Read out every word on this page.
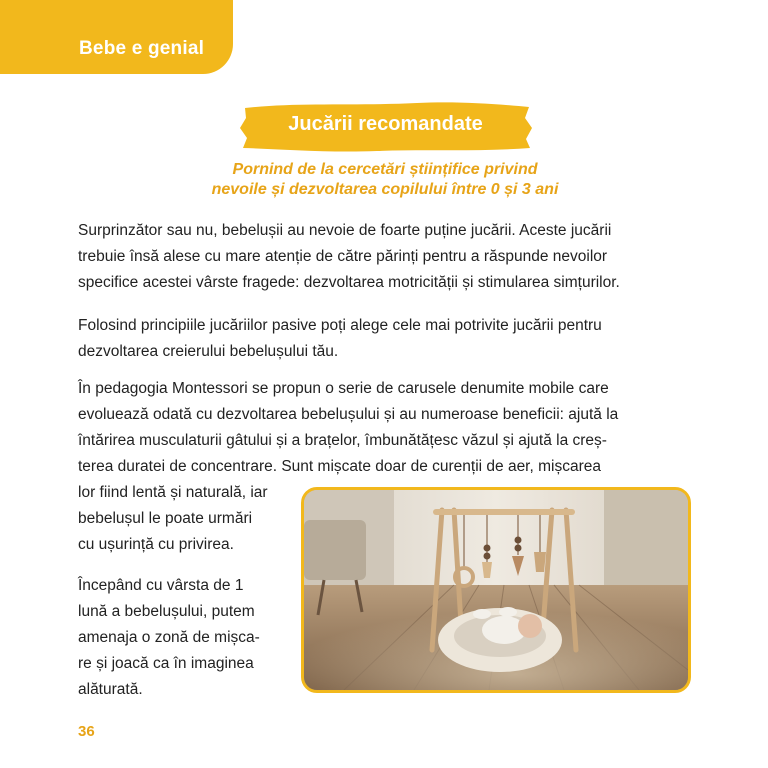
Bebe e genial
Jucării recomandate
Pornind de la cercetări științifice privind
nevoile și dezvoltarea copilului între 0 și 3 ani
Surprinzător sau nu, bebelușii au nevoie de foarte puține jucării. Aceste jucării
trebuie însă alese cu mare atenție de către părinți pentru a răspunde nevoilor
specifice acestei vârste fragede: dezvoltarea motricității și stimularea simțurilor.
Folosind principiile jucăriilor pasive poți alege cele mai potrivite jucării pentru
dezvoltarea creierului bebelușului tău.
În pedagogia Montessori se propun o serie de carusele denumite mobile care
evoluează odată cu dezvoltarea bebelușului și au numeroase beneficii: ajută la
întărirea musculaturii gâtului și a brațelor, îmbunătățesc văzul și ajută la creș-
terea duratei de concentrare. Sunt mișcate doar de curenții de aer, mișcarea
lor fiind lentă și naturală, iar
bebelușul le poate urmări
cu ușurință cu privirea.
Începând cu vârsta de 1
lună a bebelușului, putem
amenaja o zonă de mișca-
re și joacă ca în imaginea
alăturată.
36
